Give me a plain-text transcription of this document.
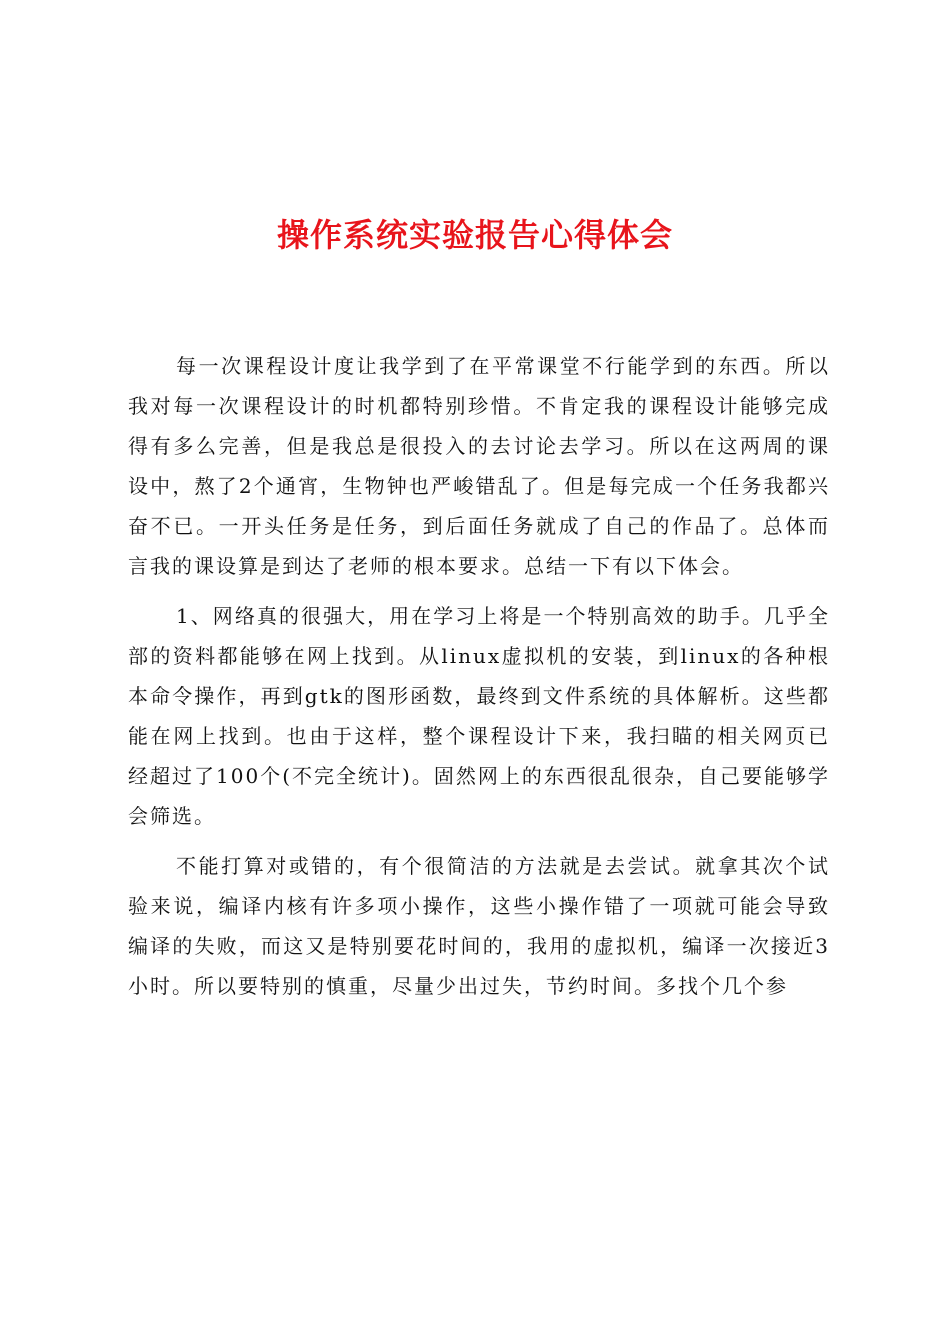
操作系统实验报告心得体会

每一次课程设计度让我学到了在平常课堂不行能学到的东西。所以我对每一次课程设计的时机都特别珍惜。不肯定我的课程设计能够完成得有多么完善，但是我总是很投入的去讨论去学习。所以在这两周的课设中，熬了2个通宵，生物钟也严峻错乱了。但是每完成一个任务我都兴奋不已。一开头任务是任务，到后面任务就成了自己的作品了。总体而言我的课设算是到达了老师的根本要求。总结一下有以下体会。

1、网络真的很强大，用在学习上将是一个特别高效的助手。几乎全部的资料都能够在网上找到。从linux虚拟机的安装，到linux的各种根本命令操作，再到gtk的图形函数，最终到文件系统的具体解析。这些都能在网上找到。也由于这样，整个课程设计下来，我扫瞄的相关网页已经超过了100个(不完全统计)。固然网上的东西很乱很杂，自己要能够学会筛选。

不能打算对或错的，有个很简洁的方法就是去尝试。就拿其次个试验来说，编译内核有许多项小操作，这些小操作错了一项就可能会导致编译的失败，而这又是特别要花时间的，我用的虚拟机，编译一次接近3小时。所以要特别的慎重，尽量少出过失，节约时间。多找个几个参
